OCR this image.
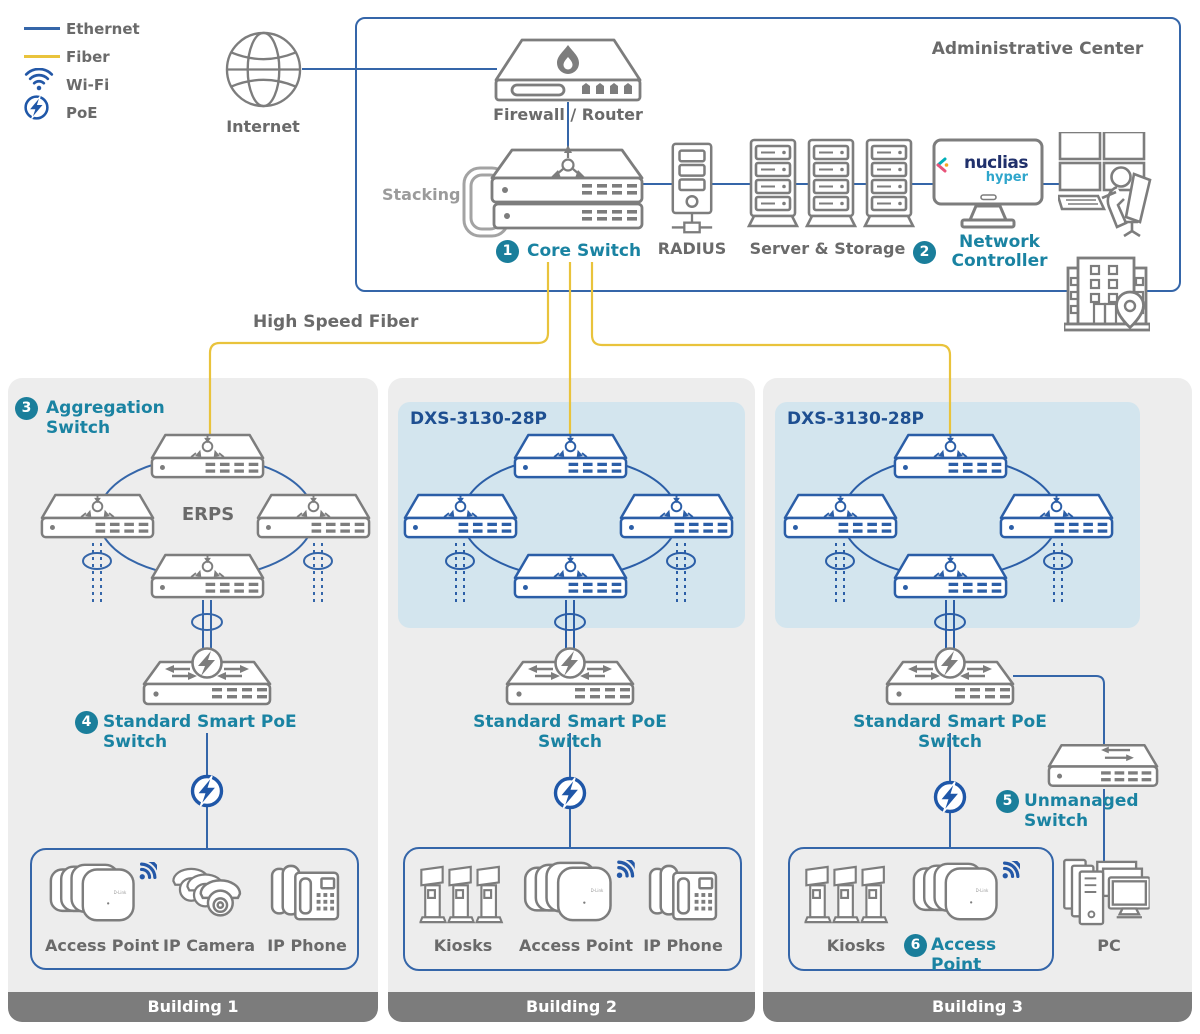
Building 1	Building 2	Building 3
Ethernet
Fiber
Wi-Fi
PoE
Internet
Administrative Center
Firewall / Router
1 Core Switch
Stacking
RADIUS	Server & Storage
nuclias
hyper
2	Network
Controller
High Speed Fiber
3 Aggregation Switch
ERPS
4 Standard Smart PoE Switch
D-Link
Access Point IP Camera IP Phone
DXS-3130-28P
Standard Smart PoE Switch
D-Link
Kiosks	Access Point IP Phone
DXS-3130-28P
Standard Smart PoE Switch
5 Unmanaged Switch
D-Link
Kiosks	6 Access Point
PC
